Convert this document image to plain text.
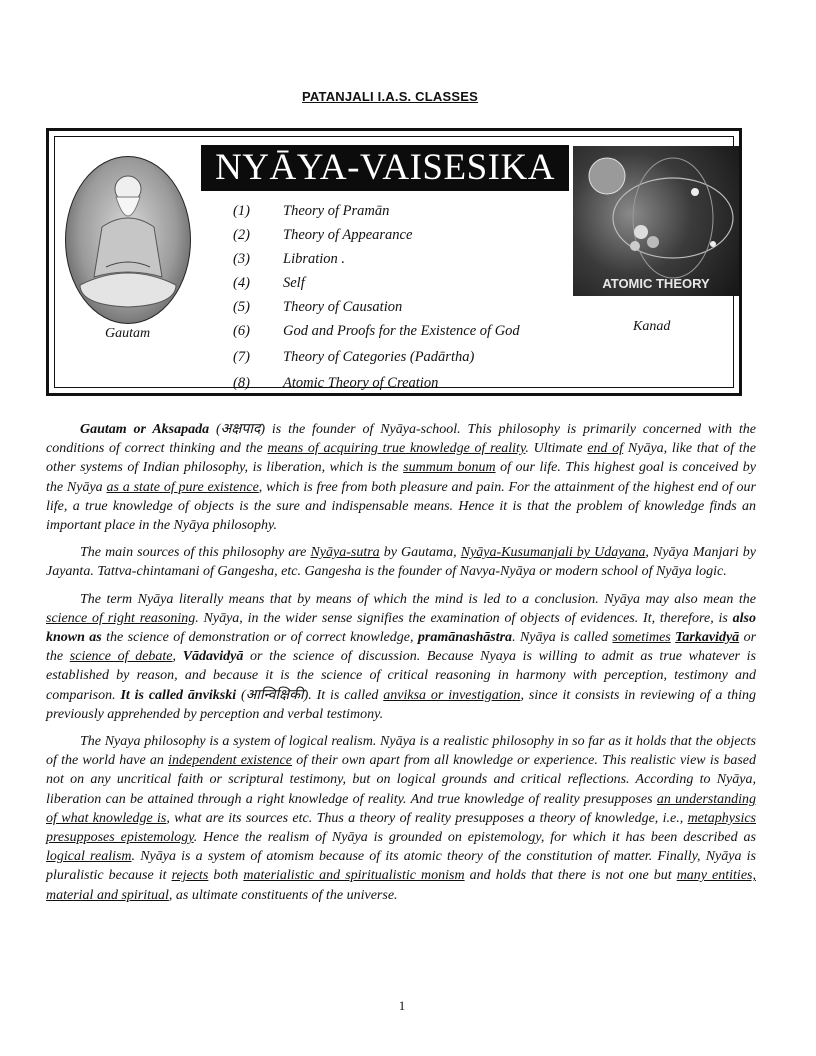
PATANJALI I.A.S. CLASSES
NYĀYA-VAISESIKA
(1) Theory of Pramān
(2) Theory of Appearance
(3) Libration .
(4) Self
(5) Theory of Causation
(6) God and Proofs for the Existence of God
(7) Theory of Categories (Padārtha)
(8) Atomic Theory of Creation
ATOMIC THEORY
Gautam	Kanad

Gautam or Aksapada (अक्षपाद) is the founder of Nyāya-school. This philosophy is primarily concerned with the conditions of correct thinking and the means of acquiring true knowledge of reality. Ultimate end of Nyāya, like that of the other systems of Indian philosophy, is liberation, which is the summum bonum of our life. This highest goal is conceived by the Nyāya as a state of pure existence, which is free from both pleasure and pain. For the attainment of the highest end of our life, a true knowledge of objects is the sure and indispensable means. Hence it is that the problem of knowledge finds an important place in the Nyāya philosophy.

The main sources of this philosophy are Nyāya-sutra by Gautama, Nyāya-Kusumanjali by Udayana, Nyāya Manjari by Jayanta. Tattva-chintamani of Gangesha, etc. Gangesha is the founder of Navya-Nyāya or modern school of Nyāya logic.

The term Nyāya literally means that by means of which the mind is led to a conclusion. Nyāya may also mean the science of right reasoning. Nyāya, in the wider sense signifies the examination of objects of evidences. It, therefore, is also known as the science of demonstration or of correct knowledge, pramānashāstra. Nyāya is called sometimes Tarkavidyā or the science of debate, Vādavidyā or the science of discussion. Because Nyaya is willing to admit as true whatever is established by reason, and because it is the science of critical reasoning in harmony with perception, testimony and comparison. It is called ānvikski (आन्विक्षिकी). It is called anviksa or investigation, since it consists in reviewing of a thing previously apprehended by perception and verbal testimony.

The Nyaya philosophy is a system of logical realism. Nyāya is a realistic philosophy in so far as it holds that the objects of the world have an independent existence of their own apart from all knowledge or experience. This realistic view is based not on any uncritical faith or scriptural testimony, but on logical grounds and critical reflections. According to Nyāya, liberation can be attained through a right knowledge of reality. And true knowledge of reality presupposes an understanding of what knowledge is, what are its sources etc. Thus a theory of reality presupposes a theory of knowledge, i.e., metaphysics presupposes epistemology. Hence the realism of Nyāya is grounded on epistemology, for which it has been described as logical realism. Nyāya is a system of atomism because of its atomic theory of the constitution of matter. Finally, Nyāya is pluralistic because it rejects both materialistic and spiritualistic monism and holds that there is not one but many entities, material and spiritual, as ultimate constituents of the universe.

1
